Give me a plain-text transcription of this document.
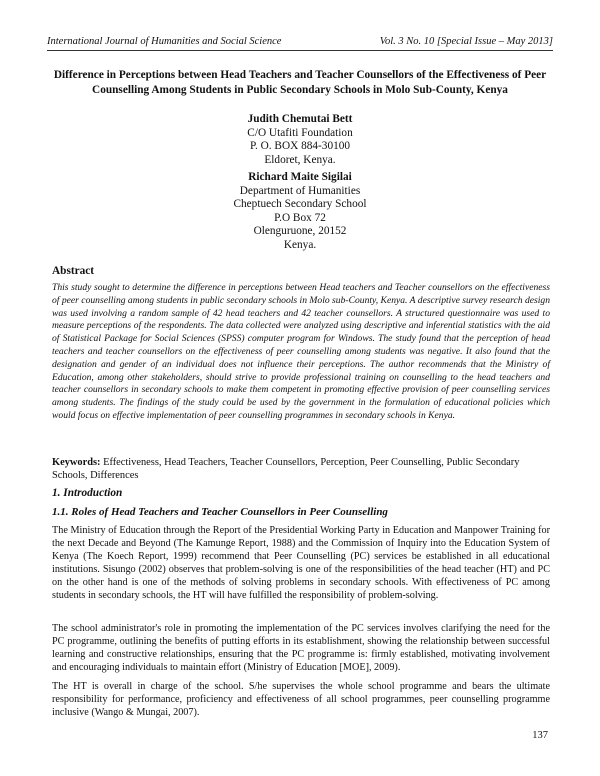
International Journal of Humanities and Social Science	Vol. 3 No. 10 [Special Issue – May 2013]
Difference in Perceptions between Head Teachers and Teacher Counsellors of the Effectiveness of Peer Counselling Among Students in Public Secondary Schools in Molo Sub-County, Kenya
Judith Chemutai Bett
C/O Utafiti Foundation
P. O. BOX 884-30100
Eldoret, Kenya.
Richard Maite Sigilai
Department of Humanities
Cheptuech Secondary School
P.O Box 72
Olenguruone, 20152
Kenya.
Abstract
This study sought to determine the difference in perceptions between Head teachers and Teacher counsellors on the effectiveness of peer counselling among students in public secondary schools in Molo sub-County, Kenya. A descriptive survey research design was used involving a random sample of 42 head teachers and 42 teacher counsellors. A structured questionnaire was used to measure perceptions of the respondents. The data collected were analyzed using descriptive and inferential statistics with the aid of Statistical Package for Social Sciences (SPSS) computer program for Windows. The study found that the perception of head teachers and teacher counsellors on the effectiveness of peer counselling among students was negative. It also found that the designation and gender of an individual does not influence their perceptions. The author recommends that the Ministry of Education, among other stakeholders, should strive to provide professional training on counselling to the head teachers and teacher counsellors in secondary schools to make them competent in promoting effective provision of peer counselling services among students. The findings of the study could be used by the government in the formulation of educational policies which would focus on effective implementation of peer counselling programmes in secondary schools in Kenya.
Keywords: Effectiveness, Head Teachers, Teacher Counsellors, Perception, Peer Counselling, Public Secondary Schools, Differences
1. Introduction
1.1. Roles of Head Teachers and Teacher Counsellors in Peer Counselling

The Ministry of Education through the Report of the Presidential Working Party in Education and Manpower Training for the next Decade and Beyond (The Kamunge Report, 1988) and the Commission of Inquiry into the Education System of Kenya (The Koech Report, 1999) recommend that Peer Counselling (PC) services be established in all educational institutions. Sisungo (2002) observes that problem-solving is one of the responsibilities of the head teacher (HT) and PC on the other hand is one of the methods of solving problems in secondary schools. With effectiveness of PC among students in secondary schools, the HT will have fulfilled the responsibility of problem-solving.

The school administrator's role in promoting the implementation of the PC services involves clarifying the need for the PC programme, outlining the benefits of putting efforts in its establishment, showing the relationship between successful learning and constructive relationships, ensuring that the PC programme is: firmly established, motivating involvement and encouraging individuals to maintain effort (Ministry of Education [MOE], 2009).

The HT is overall in charge of the school. S/he supervises the whole school programme and bears the ultimate responsibility for performance, proficiency and effectiveness of all school programmes, peer counselling programme inclusive (Wango & Mungai, 2007).

137
